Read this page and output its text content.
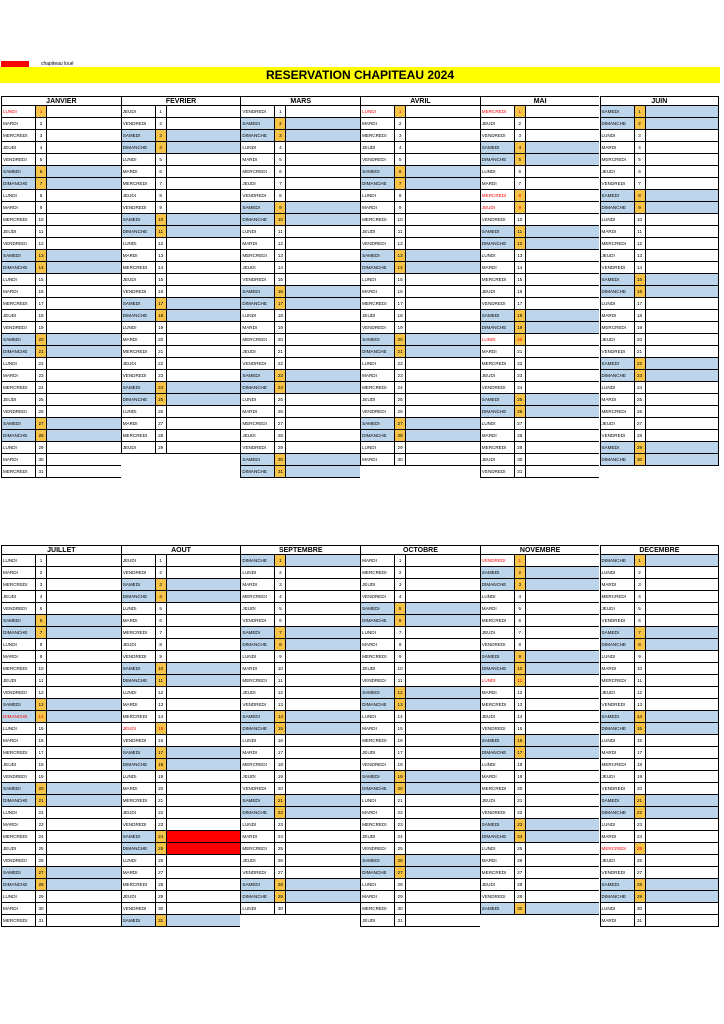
chapiteau loué
RESERVATION CHAPITEAU 2024
JANVIER
LUNDI	1
MARDI	2
MERCREDI	3
JEUDI	4
VENDREDI	5
SAMEDI	6
DIMANCHE	7
LUNDI	8
MARDI	9
MERCREDI	10
JEUDI	11
VENDREDI	12
SAMEDI	13
DIMANCHE	14
LUNDI	15
MARDI	16
MERCREDI	17
JEUDI	18
VENDREDI	19
SAMEDI	20
DIMANCHE	21
LUNDI	22
MARDI	23
MERCREDI	24
JEUDI	25
VENDREDI	26
SAMEDI	27
DIMANCHE	28
LUNDI	29
MARDI	30
MERCREDI	31
FEVRIER
JEUDI	1
VENDREDI	2
SAMEDI	3
DIMANCHE	4
LUNDI	5
MARDI	6
MERCREDI	7
JEUDI	8
VENDREDI	9
SAMEDI	10
DIMANCHE	11
LUNDI	12
MARDI	13
MERCREDI	14
JEUDI	15
VENDREDI	16
SAMEDI	17
DIMANCHE	18
LUNDI	19
MARDI	20
MERCREDI	21
JEUDI	22
VENDREDI	23
SAMEDI	24
DIMANCHE	25
LUNDI	26
MARDI	27
MERCREDI	28
JEUDI	29
MARS
VENDREDI	1
SAMEDI	2
DIMANCHE	3
LUNDI	4
MARDI	5
MERCREDI	6
JEUDI	7
VENDREDI	8
SAMEDI	9
DIMANCHE	10
LUNDI	11
MARDI	12
MERCREDI	13
JEUDI	14
VENDREDI	15
SAMEDI	16
DIMANCHE	17
LUNDI	18
MARDI	19
MERCREDI	20
JEUDI	21
VENDREDI	22
SAMEDI	23
DIMANCHE	24
LUNDI	25
MARDI	26
MERCREDI	27
JEUDI	28
VENDREDI	29
SAMEDI	30
DIMANCHE	31
AVRIL
LUNDI	1
MARDI	2
MERCREDI	3
JEUDI	4
VENDREDI	5
SAMEDI	6
DIMANCHE	7
LUNDI	8
MARDI	9
MERCREDI	10
JEUDI	11
VENDREDI	12
SAMEDI	13
DIMANCHE	14
LUNDI	15
MARDI	16
MERCREDI	17
JEUDI	18
VENDREDI	19
SAMEDI	20
DIMANCHE	21
LUNDI	22
MARDI	23
MERCREDI	24
JEUDI	25
VENDREDI	26
SAMEDI	27
DIMANCHE	28
LUNDI	29
MARDI	30
MAI
MERCREDI	1
JEUDI	2
VENDREDI	3
SAMEDI	4
DIMANCHE	5
LUNDI	6
MARDI	7
MERCREDI	8
JEUDI	9
VENDREDI	10
SAMEDI	11
DIMANCHE	12
LUNDI	13
MARDI	14
MERCREDI	15
JEUDI	16
VENDREDI	17
SAMEDI	18
DIMANCHE	19
LUNDI	20
MARDI	21
MERCREDI	22
JEUDI	23
VENDREDI	24
SAMEDI	25
DIMANCHE	26
LUNDI	27
MARDI	28
MERCREDI	29
JEUDI	30
VENDREDI	31
JUIN
SAMEDI	1
DIMANCHE	2
LUNDI	3
MARDI	4
MERCREDI	5
JEUDI	6
VENDREDI	7
SAMEDI	8
DIMANCHE	9
LUNDI	10
MARDI	11
MERCREDI	12
JEUDI	13
VENDREDI	14
SAMEDI	15
DIMANCHE	16
LUNDI	17
MARDI	18
MERCREDI	19
JEUDI	20
VENDREDI	21
SAMEDI	22
DIMANCHE	23
LUNDI	24
MARDI	25
MERCREDI	26
JEUDI	27
VENDREDI	28
SAMEDI	29
DIMANCHE	30
JUILLET
LUNDI	1
MARDI	2
MERCREDI	3
JEUDI	4
VENDREDI	5
SAMEDI	6
DIMANCHE	7
LUNDI	8
MARDI	9
MERCREDI	10
JEUDI	11
VENDREDI	12
SAMEDI	13
DIMANCHE	14
LUNDI	15
MARDI	16
MERCREDI	17
JEUDI	18
VENDREDI	19
SAMEDI	20
DIMANCHE	21
LUNDI	22
MARDI	23
MERCREDI	24
JEUDI	25
VENDREDI	26
SAMEDI	27
DIMANCHE	28
LUNDI	29
MARDI	30
MERCREDI	31
AOUT
JEUDI	1
VENDREDI	2
SAMEDI	3
DIMANCHE	4
LUNDI	5
MARDI	6
MERCREDI	7
JEUDI	8
VENDREDI	9
SAMEDI	10
DIMANCHE	11
LUNDI	12
MARDI	13
MERCREDI	14
JEUDI	15
VENDREDI	16
SAMEDI	17
DIMANCHE	18
LUNDI	19
MARDI	20
MERCREDI	21
JEUDI	22
VENDREDI	23
SAMEDI	24
DIMANCHE	25
LUNDI	26
MARDI	27
MERCREDI	28
JEUDI	29
VENDREDI	30
SAMEDI	31
SEPTEMBRE
DIMANCHE	1
LUNDI	2
MARDI	3
MERCREDI	4
JEUDI	5
VENDREDI	6
SAMEDI	7
DIMANCHE	8
LUNDI	9
MARDI	10
MERCREDI	11
JEUDI	12
VENDREDI	13
SAMEDI	14
DIMANCHE	15
LUNDI	16
MARDI	17
MERCREDI	18
JEUDI	19
VENDREDI	20
SAMEDI	21
DIMANCHE	22
LUNDI	23
MARDI	24
MERCREDI	25
JEUDI	26
VENDREDI	27
SAMEDI	28
DIMANCHE	29
LUNDI	30
OCTOBRE
MARDI	1
MERCREDI	2
JEUDI	3
VENDREDI	4
SAMEDI	5
DIMANCHE	6
LUNDI	7
MARDI	8
MERCREDI	9
JEUDI	10
VENDREDI	11
SAMEDI	12
DIMANCHE	13
LUNDI	14
MARDI	15
MERCREDI	16
JEUDI	17
VENDREDI	18
SAMEDI	19
DIMANCHE	20
LUNDI	21
MARDI	22
MERCREDI	23
JEUDI	24
VENDREDI	25
SAMEDI	26
DIMANCHE	27
LUNDI	28
MARDI	29
MERCREDI	30
JEUDI	31
NOVEMBRE
VENDREDI	1
SAMEDI	2
DIMANCHE	3
LUNDI	4
MARDI	5
MERCREDI	6
JEUDI	7
VENDREDI	8
SAMEDI	9
DIMANCHE	10
LUNDI	11
MARDI	12
MERCREDI	13
JEUDI	14
VENDREDI	15
SAMEDI	16
DIMANCHE	17
LUNDI	18
MARDI	19
MERCREDI	20
JEUDI	21
VENDREDI	22
SAMEDI	23
DIMANCHE	24
LUNDI	25
MARDI	26
MERCREDI	27
JEUDI	28
VENDREDI	29
SAMEDI	30
DECEMBRE
DIMANCHE	1
LUNDI	2
MARDI	3
MERCREDI	4
JEUDI	5
VENDREDI	6
SAMEDI	7
DIMANCHE	8
LUNDI	9
MARDI	10
MERCREDI	11
JEUDI	12
VENDREDI	13
SAMEDI	14
DIMANCHE	15
LUNDI	16
MARDI	17
MERCREDI	18
JEUDI	19
VENDREDI	20
SAMEDI	21
DIMANCHE	22
LUNDI	23
MARDI	24
MERCREDI	25
JEUDI	26
VENDREDI	27
SAMEDI	28
DIMANCHE	29
LUNDI	30
MARDI	31
